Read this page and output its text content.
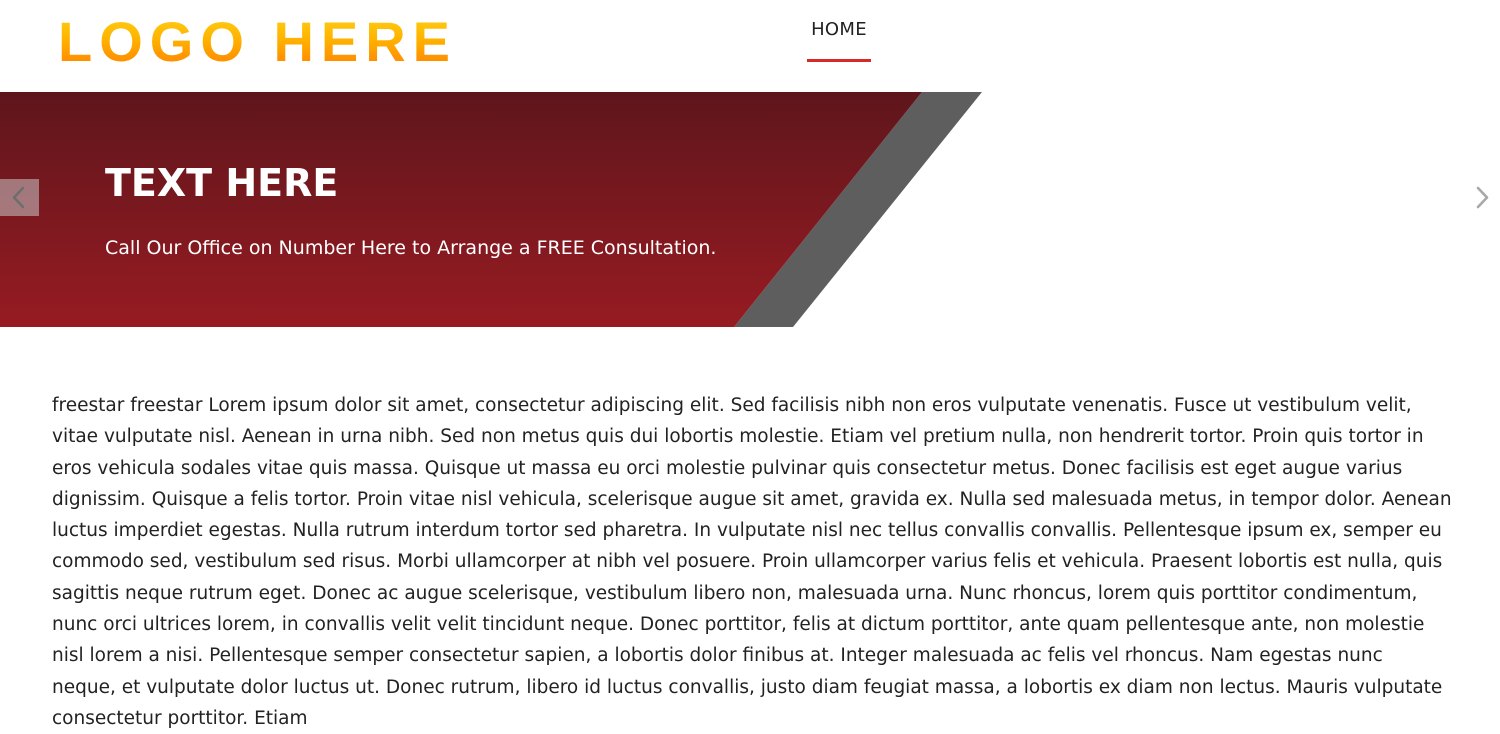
LOGO HERE	HOME
TEXT HERE
Call Our Office on Number Here to Arrange a FREE Consultation.
freestar freestar Lorem ipsum dolor sit amet, consectetur adipiscing elit. Sed facilisis nibh non eros vulputate venenatis. Fusce ut vestibulum velit, vitae vulputate nisl. Aenean in urna nibh. Sed non metus quis dui lobortis molestie. Etiam vel pretium nulla, non hendrerit tortor. Proin quis tortor in eros vehicula sodales vitae quis massa. Quisque ut massa eu orci molestie pulvinar quis consectetur metus. Donec facilisis est eget augue varius dignissim. Quisque a felis tortor. Proin vitae nisl vehicula, scelerisque augue sit amet, gravida ex. Nulla sed malesuada metus, in tempor dolor. Aenean luctus imperdiet egestas. Nulla rutrum interdum tortor sed pharetra. In vulputate nisl nec tellus convallis convallis. Pellentesque ipsum ex, semper eu commodo sed, vestibulum sed risus. Morbi ullamcorper at nibh vel posuere. Proin ullamcorper varius felis et vehicula. Praesent lobortis est nulla, quis sagittis neque rutrum eget. Donec ac augue scelerisque, vestibulum libero non, malesuada urna. Nunc rhoncus, lorem quis porttitor condimentum, nunc orci ultrices lorem, in convallis velit velit tincidunt neque. Donec porttitor, felis at dictum porttitor, ante quam pellentesque ante, non molestie nisl lorem a nisi. Pellentesque semper consectetur sapien, a lobortis dolor finibus at. Integer malesuada ac felis vel rhoncus. Nam egestas nunc neque, et vulputate dolor luctus ut. Donec rutrum, libero id luctus convallis, justo diam feugiat massa, a lobortis ex diam non lectus. Mauris vulputate consectetur porttitor. Etiam
